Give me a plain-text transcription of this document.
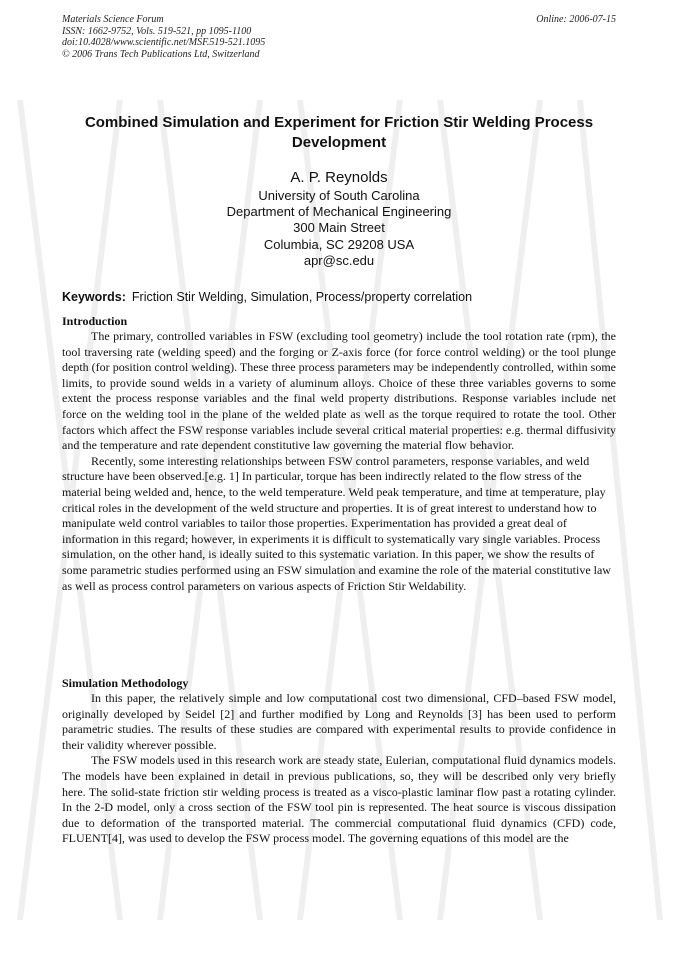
Materials Science Forum
ISSN: 1662-9752, Vols. 519-521, pp 1095-1100
doi:10.4028/www.scientific.net/MSF.519-521.1095
© 2006 Trans Tech Publications Ltd, Switzerland
Online: 2006-07-15
Combined Simulation and Experiment for Friction Stir Welding Process Development
A. P. Reynolds
University of South Carolina
Department of Mechanical Engineering
300 Main Street
Columbia, SC 29208 USA
apr@sc.edu
Keywords: Friction Stir Welding, Simulation, Process/property correlation
Introduction

The primary, controlled variables in FSW (excluding tool geometry) include the tool rotation rate (rpm), the tool traversing rate (welding speed) and the forging or Z-axis force (for force control welding) or the tool plunge depth (for position control welding). These three process parameters may be independently controlled, within some limits, to provide sound welds in a variety of aluminum alloys. Choice of these three variables governs to some extent the process response variables and the final weld property distributions. Response variables include net force on the welding tool in the plane of the welded plate as well as the torque required to rotate the tool. Other factors which affect the FSW response variables include several critical material properties: e.g. thermal diffusivity and the temperature and rate dependent constitutive law governing the material flow behavior.

Recently, some interesting relationships between FSW control parameters, response variables, and weld structure have been observed.[e.g. 1] In particular, torque has been indirectly related to the flow stress of the material being welded and, hence, to the weld temperature. Weld peak temperature, and time at temperature, play critical roles in the development of the weld structure and properties. It is of great interest to understand how to manipulate weld control variables to tailor those properties. Experimentation has provided a great deal of information in this regard; however, in experiments it is difficult to systematically vary single variables. Process simulation, on the other hand, is ideally suited to this systematic variation. In this paper, we show the results of some parametric studies performed using an FSW simulation and examine the role of the material constitutive law as well as process control parameters on various aspects of Friction Stir Weldability.

Simulation Methodology

In this paper, the relatively simple and low computational cost two dimensional, CFD–based FSW model, originally developed by Seidel [2] and further modified by Long and Reynolds [3] has been used to perform parametric studies. The results of these studies are compared with experimental results to provide confidence in their validity wherever possible.

The FSW models used in this research work are steady state, Eulerian, computational fluid dynamics models. The models have been explained in detail in previous publications, so, they will be described only very briefly here. The solid-state friction stir welding process is treated as a visco-plastic laminar flow past a rotating cylinder. In the 2-D model, only a cross section of the FSW tool pin is represented. The heat source is viscous dissipation due to deformation of the transported material. The commercial computational fluid dynamics (CFD) code, FLUENT[4], was used to develop the FSW process model. The governing equations of this model are the
